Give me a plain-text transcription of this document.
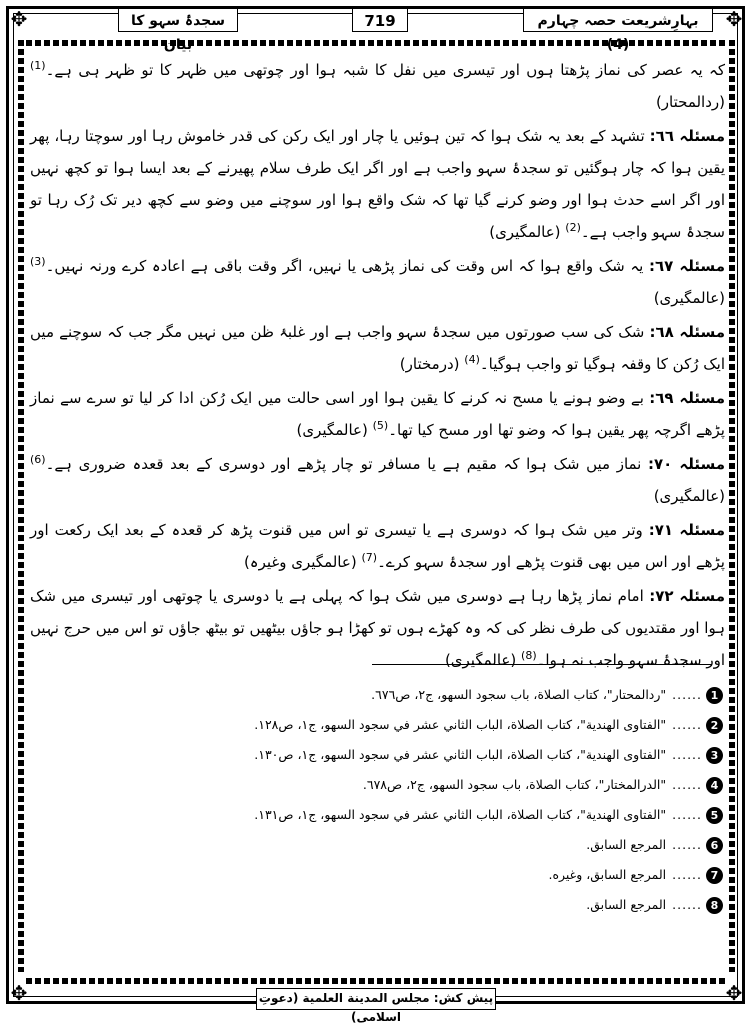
✥	✥
✥	✥
بہارِشریعت حصہ چہارم (4)
719
سجدۂ سہو کا بیان

کہ یہ عصر کی نماز پڑھتا ہوں اور تیسری میں نفل کا شبہ ہوا اور چوتھی میں ظہر کا تو ظہر ہی ہے۔$^{(1)}$ (ردالمحتار)

مسئلہ ٦٦: تشہد کے بعد یہ شک ہوا کہ تین ہوئیں یا چار اور ایک رکن کی قدر خاموش رہا اور سوچتا رہا، پھر یقین ہوا کہ چار ہوگئیں تو سجدۂ سہو واجب ہے اور اگر ایک طرف سلام پھیرنے کے بعد ایسا ہوا تو کچھ نہیں اور اگر اسے حدث ہوا اور وضو کرنے گیا تھا کہ شک واقع ہوا اور سوچنے میں وضو سے کچھ دیر تک رُک رہا تو سجدۂ سہو واجب ہے۔$^{(2)}$ (عالمگیری)

مسئلہ ٦٧: یہ شک واقع ہوا کہ اس وقت کی نماز پڑھی یا نہیں، اگر وقت باقی ہے اعادہ کرے ورنہ نہیں۔$^{(3)}$ (عالمگیری)

مسئلہ ٦٨: شک کی سب صورتوں میں سجدۂ سہو واجب ہے اور غلبۂ ظن میں نہیں مگر جب کہ سوچنے میں ایک رُکن کا وقفہ ہوگیا تو واجب ہوگیا۔$^{(4)}$ (درمختار)

مسئلہ ٦٩: بے وضو ہونے یا مسح نہ کرنے کا یقین ہوا اور اسی حالت میں ایک رُکن ادا کر لیا تو سرے سے نماز پڑھے اگرچہ پھر یقین ہوا کہ وضو تھا اور مسح کیا تھا۔$^{(5)}$ (عالمگیری)

مسئلہ ٧٠: نماز میں شک ہوا کہ مقیم ہے یا مسافر تو چار پڑھے اور دوسری کے بعد قعدہ ضروری ہے۔$^{(6)}$ (عالمگیری)

مسئلہ ٧١: وتر میں شک ہوا کہ دوسری ہے یا تیسری تو اس میں قنوت پڑھ کر قعدہ کے بعد ایک رکعت اور پڑھے اور اس میں بھی قنوت پڑھے اور سجدۂ سہو کرے۔$^{(7)}$ (عالمگیری وغیرہ)

مسئلہ ٧٢: امام نماز پڑھا رہا ہے دوسری میں شک ہوا کہ پہلی ہے یا دوسری یا چوتھی اور تیسری میں شک ہوا اور مقتدیوں کی طرف نظر کی کہ وہ کھڑے ہوں تو کھڑا ہو جاؤں بیٹھیں تو بیٹھ جاؤں تو اس میں حرج نہیں اور سجدۂ سہو واجب نہ ہوا۔$^{(8)}$ (عالمگیری)

1
......
"ردالمحتار"، كتاب الصلاة، باب سجود السهو، ج٢، ص٦٧٦.
2
......
"الفتاوى الهندية"، كتاب الصلاة، الباب الثاني عشر في سجود السهو، ج١، ص١٢٨.
3
......
"الفتاوى الهندية"، كتاب الصلاة، الباب الثاني عشر في سجود السهو، ج١، ص١٣٠.
4
......
"الدرالمختار"، كتاب الصلاة، باب سجود السهو، ج٢، ص٦٧٨.
5
......
"الفتاوى الهندية"، كتاب الصلاة، الباب الثاني عشر في سجود السهو، ج١، ص١٣١.
6
......
المرجع السابق.
7
......
المرجع السابق، وغيره.
8
......
المرجع السابق.
پیش کش: مجلس المدينة العلمية (دعوتِ اسلامی)
